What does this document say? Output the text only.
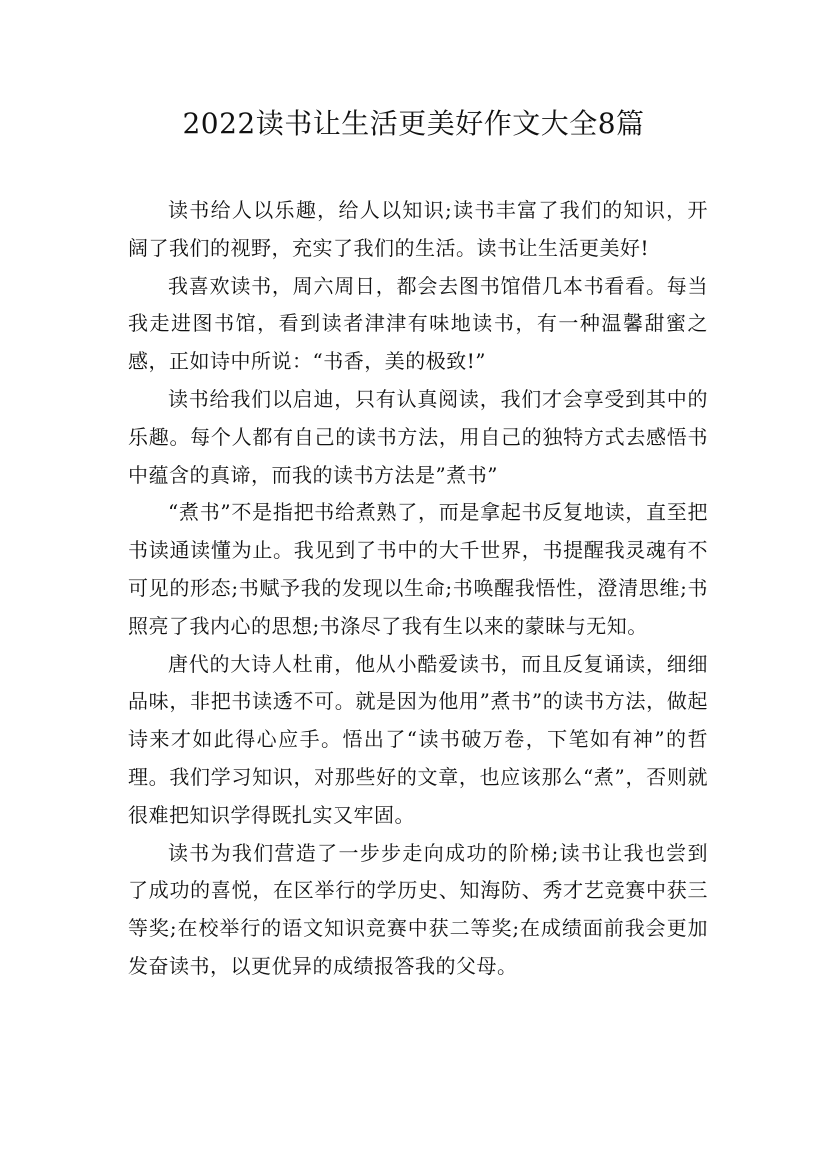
2022读书让生活更美好作文大全8篇

读书给人以乐趣，给人以知识;读书丰富了我们的知识，开阔了我们的视野，充实了我们的生活。读书让生活更美好!

我喜欢读书，周六周日，都会去图书馆借几本书看看。每当我走进图书馆，看到读者津津有味地读书，有一种温馨甜蜜之感，正如诗中所说：“书香，美的极致!”

读书给我们以启迪，只有认真阅读，我们才会享受到其中的乐趣。每个人都有自己的读书方法，用自己的独特方式去感悟书中蕴含的真谛，而我的读书方法是”煮书”

“煮书”不是指把书给煮熟了，而是拿起书反复地读，直至把书读通读懂为止。我见到了书中的大千世界，书提醒我灵魂有不可见的形态;书赋予我的发现以生命;书唤醒我悟性，澄清思维;书照亮了我内心的思想;书涤尽了我有生以来的蒙昧与无知。

唐代的大诗人杜甫，他从小酷爱读书，而且反复诵读，细细品味，非把书读透不可。就是因为他用”煮书”的读书方法，做起诗来才如此得心应手。悟出了“读书破万卷，下笔如有神”的哲理。我们学习知识，对那些好的文章，也应该那么“煮”，否则就很难把知识学得既扎实又牢固。

读书为我们营造了一步步走向成功的阶梯;读书让我也尝到了成功的喜悦，在区举行的学历史、知海防、秀才艺竞赛中获三等奖;在校举行的语文知识竞赛中获二等奖;在成绩面前我会更加发奋读书，以更优异的成绩报答我的父母。
